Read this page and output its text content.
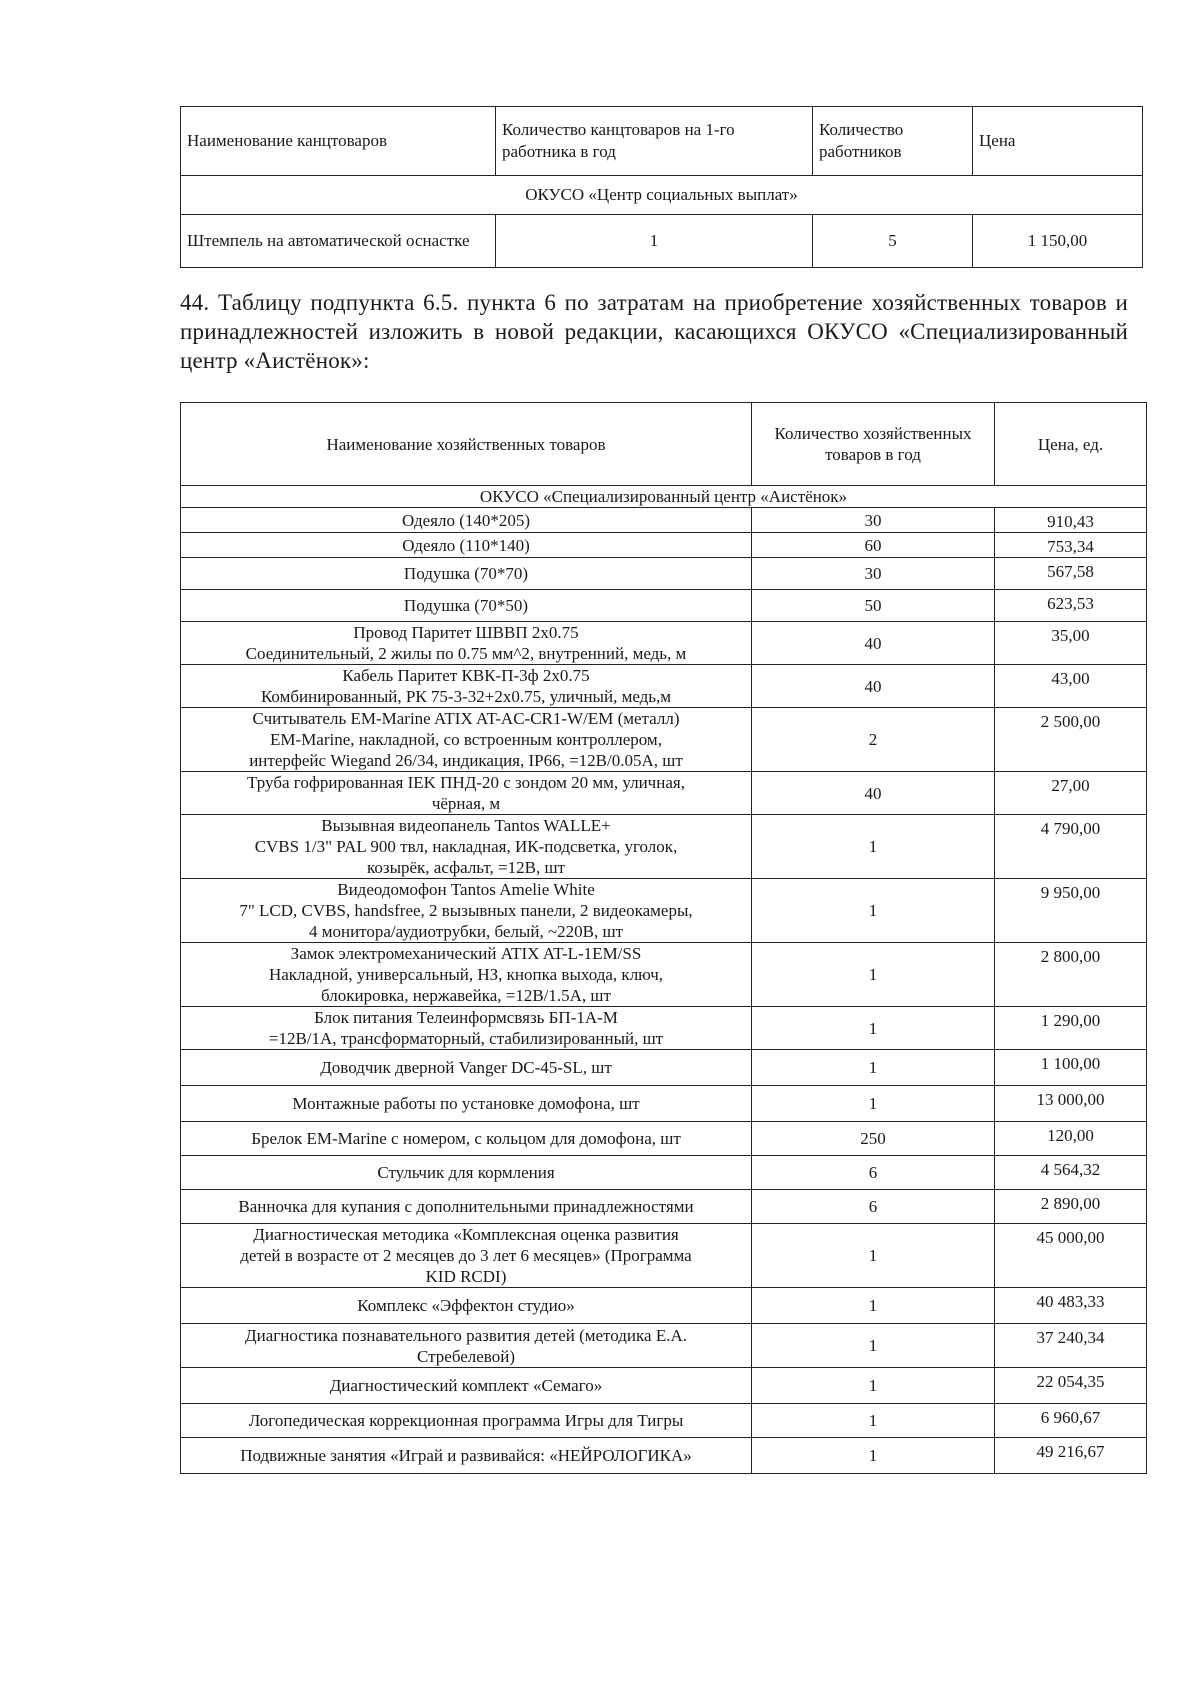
Наименование канцтоваров	Количество канцтоваров на 1-го работника в год	Количество работников	Цена
ОКУСО «Центр социальных выплат»			
Штемпель на автоматической оснастке	1	5	1 150,00
44. Таблицу подпункта 6.5. пункта 6 по затратам на приобретение хозяйственных товаров и принадлежностей изложить в новой редакции, касающихся ОКУСО «Специализированный центр «Аистёнок»:
Наименование хозяйственных товаров	Количество хозяйственных товаров в год	Цена, ед.
ОКУСО «Специализированный центр «Аистёнок»		
Одеяло (140*205)	30	910,43
Одеяло (110*140)	60	753,34
Подушка (70*70)	30	567,58
Подушка (70*50)	50	623,53
Провод Паритет ШВВП 2х0.75
Соединительный, 2 жилы по 0.75 мм^2, внутренний, медь, м	40	35,00
Кабель Паритет КВК-П-3ф 2х0.75
Комбинированный, РК 75-3-32+2х0.75, уличный, медь,м	40	43,00
Считыватель EM-Marine ATIX AT-AC-CR1-W/EM (металл)
EM-Marine, накладной, со встроенным контроллером,
интерфейс Wiegand 26/34, индикация, IP66, =12В/0.05А, шт	2	2 500,00
Труба гофрированная IEK ПНД-20 с зондом 20 мм, уличная,
чёрная, м	40	27,00
Вызывная видеопанель Tantos WALLE+
CVBS 1/3" PAL 900 твл, накладная, ИК-подсветка, уголок,
козырёк, асфальт, =12В, шт	1	4 790,00
Видеодомофон Tantos Amelie White
7" LCD, CVBS, handsfree, 2 вызывных панели, 2 видеокамеры,
4 монитора/аудиотрубки, белый, ~220В, шт	1	9 950,00
Замок электромеханический ATIX AT-L-1EM/SS
Накладной, универсальный, НЗ, кнопка выхода, ключ,
блокировка, нержавейка, =12В/1.5А, шт	1	2 800,00
Блок питания Телеинформсвязь БП-1А-М
=12В/1А, трансформаторный, стабилизированный, шт	1	1 290,00
Доводчик дверной Vanger DC-45-SL, шт	1	1 100,00
Монтажные работы по установке домофона, шт	1	13 000,00
Брелок EM-Marine с номером, с кольцом для домофона, шт	250	120,00
Стульчик для кормления	6	4 564,32
Ванночка для купания с дополнительными принадлежностями	6	2 890,00
Диагностическая методика «Комплексная оценка развития
детей в возрасте от 2 месяцев до 3 лет 6 месяцев» (Программа
KID RCDI)	1	45 000,00
Комплекс «Эффектон студио»	1	40 483,33
Диагностика познавательного развития детей (методика Е.А.
Стребелевой)	1	37 240,34
Диагностический комплект «Семаго»	1	22 054,35
Логопедическая коррекционная программа Игры для Тигры	1	6 960,67
Подвижные занятия «Играй и развивайся: «НЕЙРОЛОГИКА»	1	49 216,67
